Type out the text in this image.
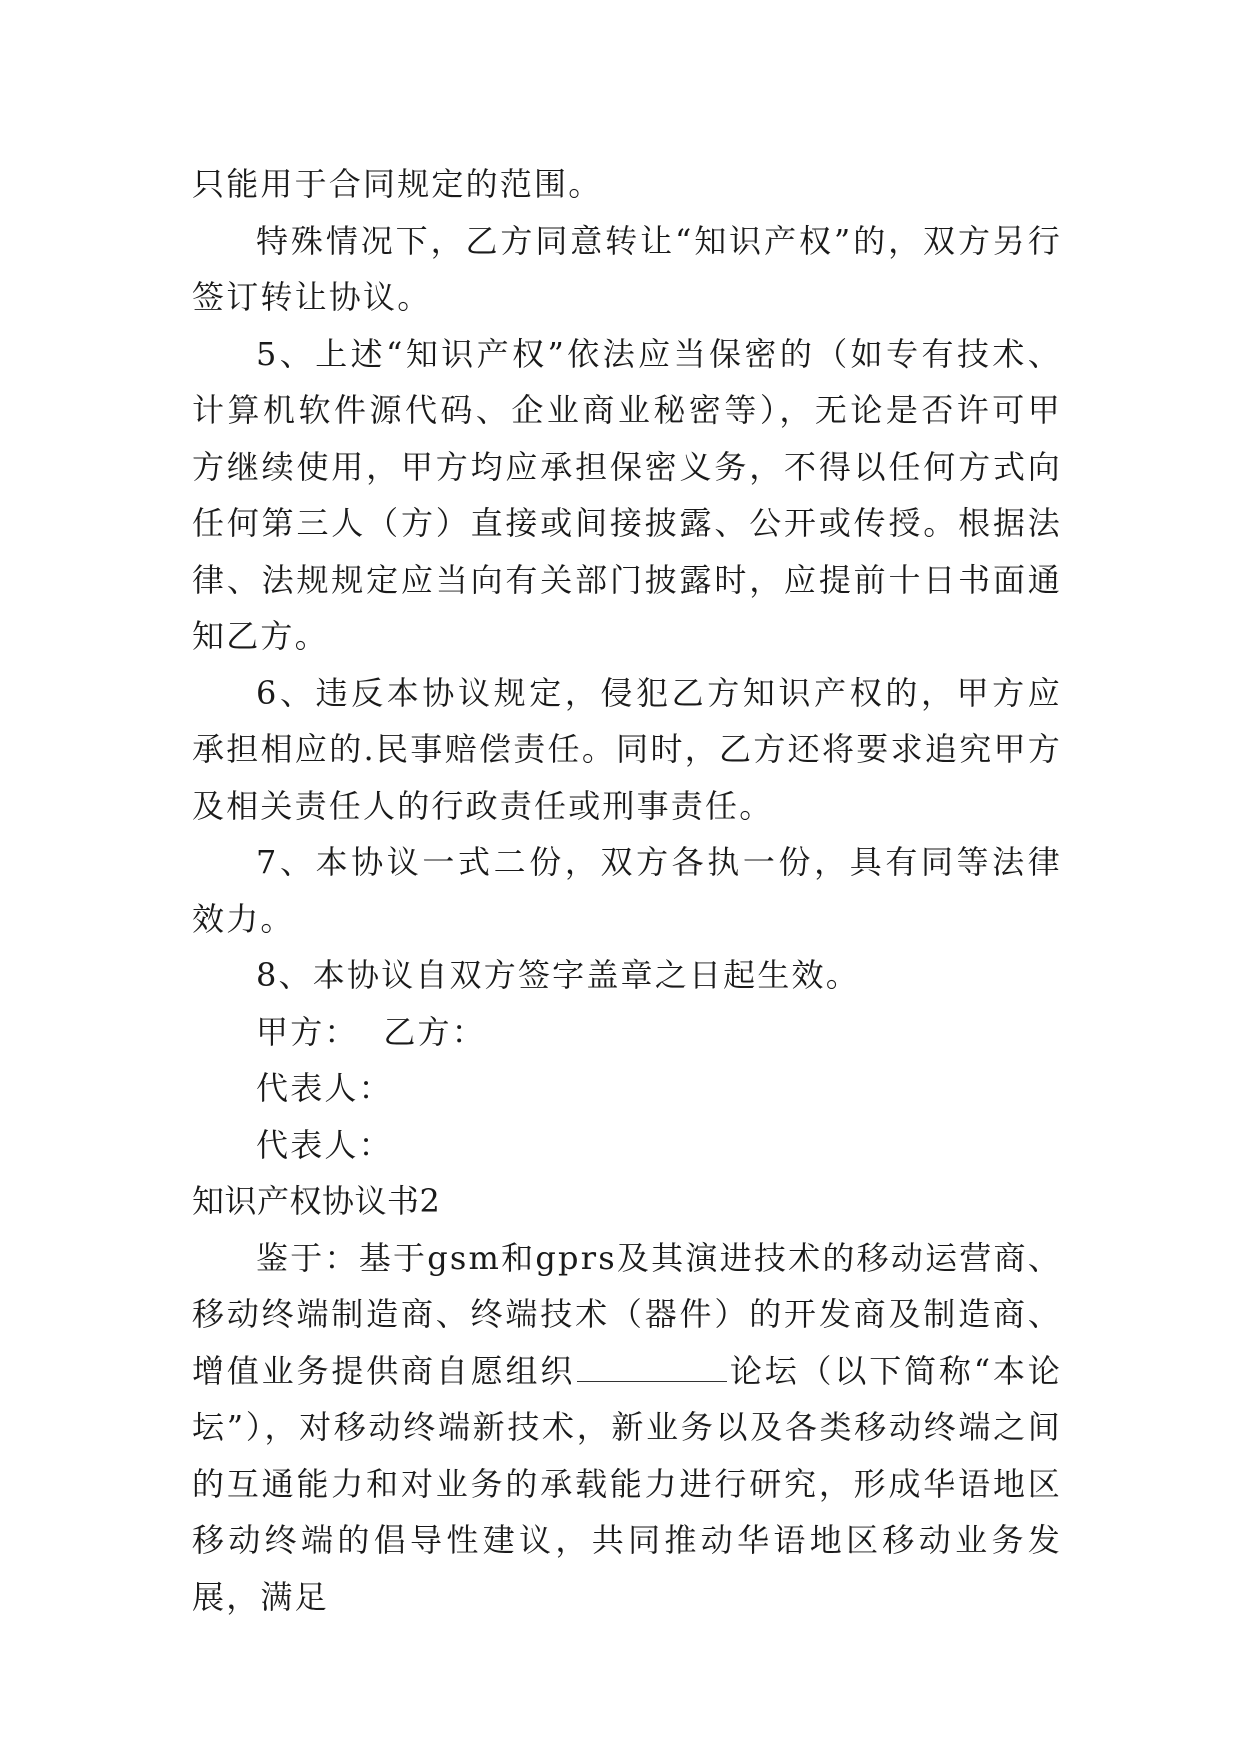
只能用于合同规定的范围。

特殊情况下，乙方同意转让“知识产权”的，双方另行签订转让协议。

5、上述“知识产权”依法应当保密的（如专有技术、计算机软件源代码、企业商业秘密等），无论是否许可甲方继续使用，甲方均应承担保密义务，不得以任何方式向任何第三人（方）直接或间接披露、公开或传授。根据法律、法规规定应当向有关部门披露时，应提前十日书面通知乙方。

6、违反本协议规定，侵犯乙方知识产权的，甲方应承担相应的.民事赔偿责任。同时，乙方还将要求追究甲方及相关责任人的行政责任或刑事责任。

7、本协议一式二份，双方各执一份，具有同等法律效力。

8、本协议自双方签字盖章之日起生效。

甲方：  乙方：

代表人：

代表人：

知识产权协议书2

鉴于：基于gsm和gprs及其演进技术的移动运营商、移动终端制造商、终端技术（器件）的开发商及制造商、增值业务提供商自愿组织	论坛（以下简称“本论坛”），对移动终端新技术，新业务以及各类移动终端之间的互通能力和对业务的承载能力进行研究，形成华语地区移动终端的倡导性建议，共同推动华语地区移动业务发展，满足
